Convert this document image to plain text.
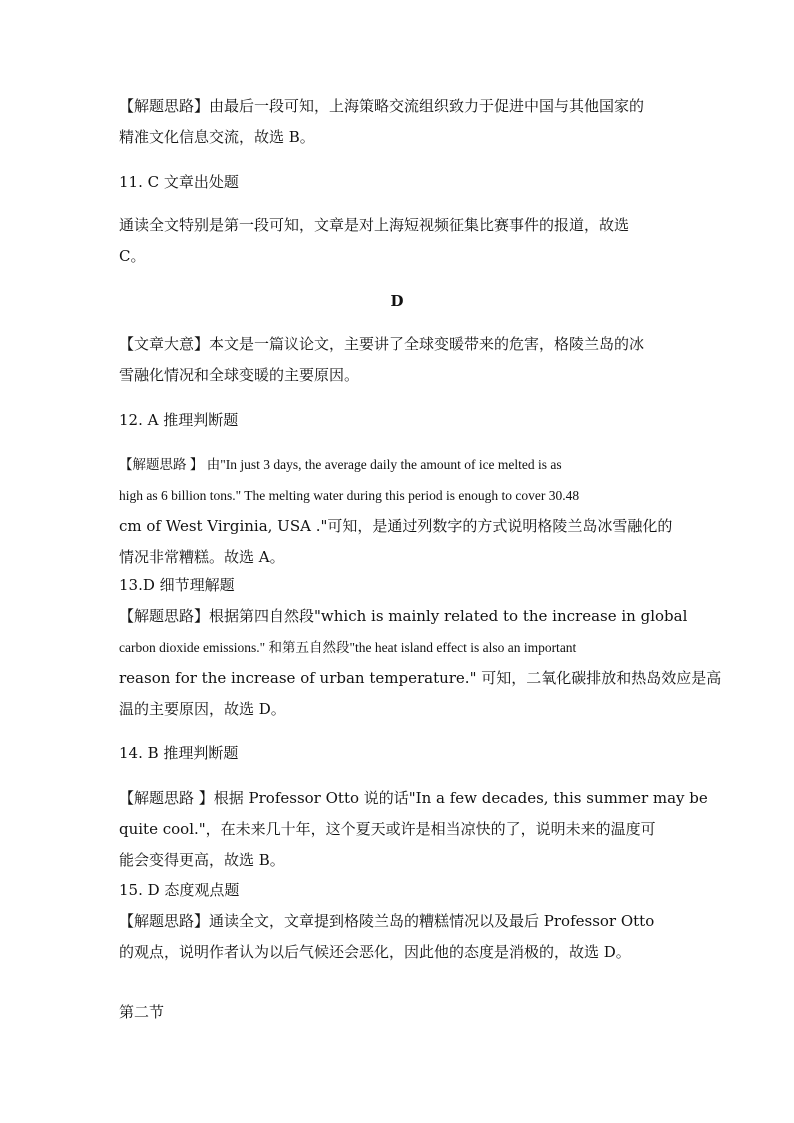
【解题思路】由最后一段可知，上海策略交流组织致力于促进中国与其他国家的
精准文化信息交流，故选 B。
11. C 文章出处题
通读全文特别是第一段可知，文章是对上海短视频征集比赛事件的报道，故选
C。
D
【文章大意】本文是一篇议论文，主要讲了全球变暖带来的危害，格陵兰岛的冰
雪融化情况和全球变暖的主要原因。
12. A 推理判断题
【解题思路 】 由"In just 3 days, the average daily the amount of ice melted is as
high as 6 billion tons." The melting water during this period is enough to cover 30.48
cm of West Virginia, USA ."可知，是通过列数字的方式说明格陵兰岛冰雪融化的
情况非常糟糕。故选 A。
13.D 细节理解题
【解题思路】根据第四自然段"which is mainly related to the increase in global
carbon dioxide emissions." 和第五自然段"the heat island effect is also an important
reason for the increase of urban temperature." 可知，二氧化碳排放和热岛效应是高
温的主要原因，故选 D。
14. B 推理判断题
【解题思路 】根据 Professor Otto 说的话"In a few decades, this summer may be
quite cool."，在未来几十年，这个夏天或许是相当凉快的了，说明未来的温度可
能会变得更高，故选 B。
15. D 态度观点题
【解题思路】通读全文，文章提到格陵兰岛的糟糕情况以及最后 Professor Otto
的观点，说明作者认为以后气候还会恶化，因此他的态度是消极的，故选 D。
第二节
